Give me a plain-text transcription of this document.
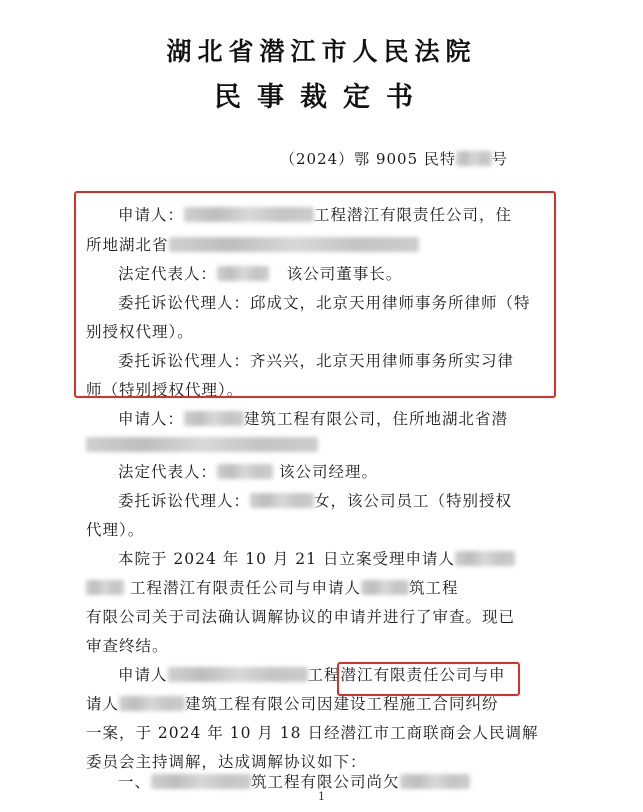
湖北省潜江市人民法院
民事裁定书
（2024）鄂 9005 民特 号
申请人：	工程潜江有限责任公司，住
所地湖北省
法定代表人：	该公司董事长。
委托诉讼代理人：邱成文，北京天用律师事务所律师（特
别授权代理）。
委托诉讼代理人：齐兴兴，北京天用律师事务所实习律
师（特别授权代理）。
申请人：	建筑工程有限公司，住所地湖北省潜
法定代表人：	该公司经理。
委托诉讼代理人：	女，该公司员工（特别授权
代理）。
本院于 2024 年 10 月 21 日立案受理申请人
工程潜江有限责任公司与申请人	筑工程
有限公司关于司法确认调解协议的申请并进行了审查。现已
审查终结。
申请人	工程潜江有限责任公司与申
请人	建筑工程有限公司因建设工程施工合同纠纷
一案，于 2024 年 10 月 18 日经潜江市工商联商会人民调解
委员会主持调解，达成调解协议如下：
一、	筑工程有限公司尚欠
1
